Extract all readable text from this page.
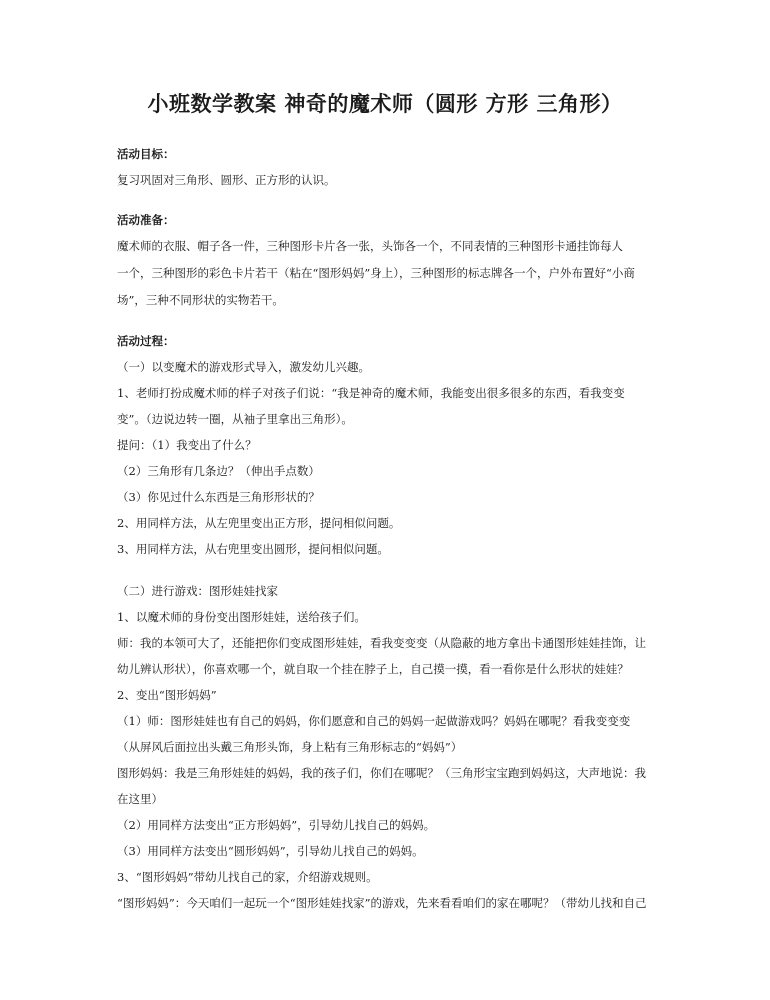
小班数学教案 神奇的魔术师（圆形 方形 三角形）
活动目标：
复习巩固对三角形、圆形、正方形的认识。
活动准备：
魔术师的衣服、帽子各一件，三种图形卡片各一张，头饰各一个，不同表情的三种图形卡通挂饰每人
一个，三种图形的彩色卡片若干（粘在“图形妈妈”身上），三种图形的标志牌各一个，户外布置好“小商
场”，三种不同形状的实物若干。
活动过程：
（一）以变魔术的游戏形式导入，激发幼儿兴趣。
1、老师打扮成魔术师的样子对孩子们说：“我是神奇的魔术师，我能变出很多很多的东西，看我变变
变”。（边说边转一圈，从袖子里拿出三角形）。
提问：（1）我变出了什么？
（2）三角形有几条边？（伸出手点数）
（3）你见过什么东西是三角形形状的？
2、用同样方法，从左兜里变出正方形，提问相似问题。
3、用同样方法，从右兜里变出圆形，提问相似问题。
（二）进行游戏：图形娃娃找家
1、以魔术师的身份变出图形娃娃，送给孩子们。
师：我的本领可大了，还能把你们变成图形娃娃，看我变变变（从隐蔽的地方拿出卡通图形娃娃挂饰，让
幼儿辨认形状），你喜欢哪一个，就自取一个挂在脖子上，自己摸一摸，看一看你是什么形状的娃娃？
2、变出“图形妈妈”
（1）师：图形娃娃也有自己的妈妈，你们愿意和自己的妈妈一起做游戏吗？妈妈在哪呢？看我变变变
（从屏风后面拉出头戴三角形头饰，身上粘有三角形标志的“妈妈”）
图形妈妈：我是三角形娃娃的妈妈，我的孩子们，你们在哪呢？（三角形宝宝跑到妈妈这，大声地说：我
在这里）
（2）用同样方法变出“正方形妈妈”，引导幼儿找自己的妈妈。
（3）用同样方法变出“圆形妈妈”，引导幼儿找自己的妈妈。
3、“图形妈妈”带幼儿找自己的家，介绍游戏规则。
“图形妈妈”：今天咱们一起玩一个“图形娃娃找家”的游戏，先来看看咱们的家在哪呢？（带幼儿找和自己
